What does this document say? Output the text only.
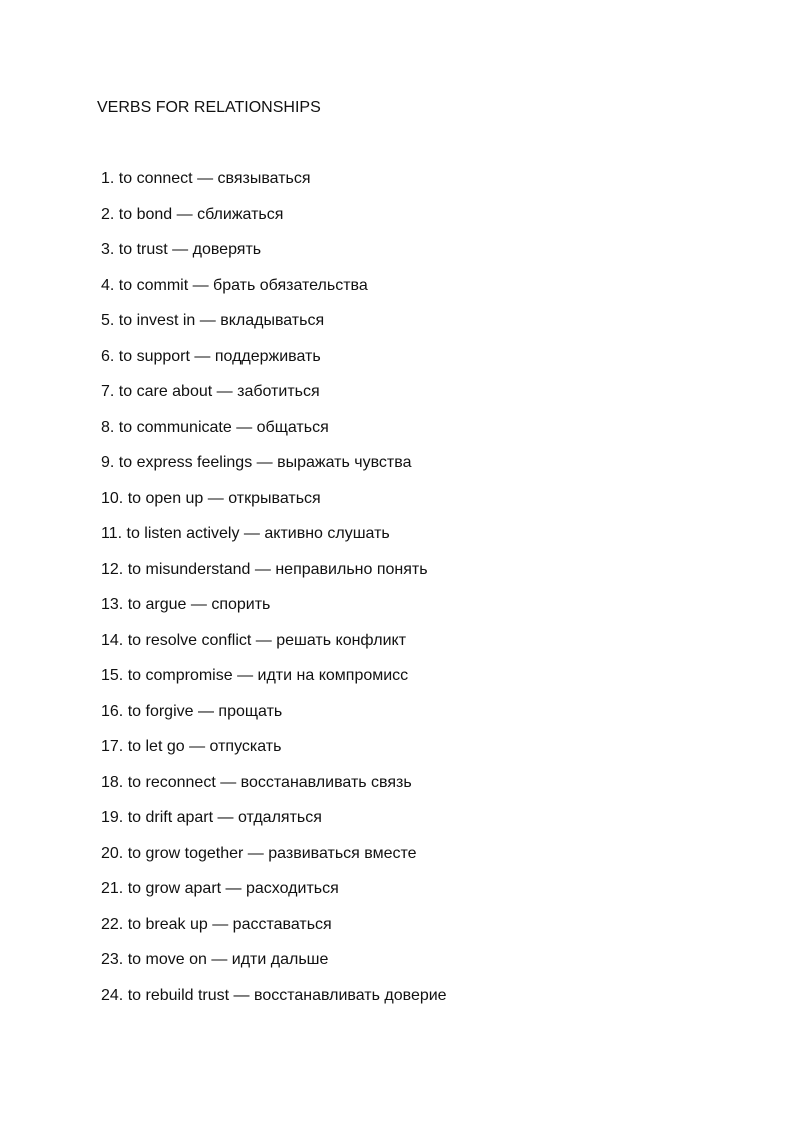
VERBS FOR RELATIONSHIPS
1. to connect — связываться
2. to bond — сближаться
3. to trust — доверять
4. to commit — брать обязательства
5. to invest in — вкладываться
6. to support — поддерживать
7. to care about — заботиться
8. to communicate — общаться
9. to express feelings — выражать чувства
10. to open up — открываться
11. to listen actively — активно слушать
12. to misunderstand — неправильно понять
13. to argue — спорить
14. to resolve conflict — решать конфликт
15. to compromise — идти на компромисс
16. to forgive — прощать
17. to let go — отпускать
18. to reconnect — восстанавливать связь
19. to drift apart — отдаляться
20. to grow together — развиваться вместе
21. to grow apart — расходиться
22. to break up — расставаться
23. to move on — идти дальше
24. to rebuild trust — восстанавливать доверие
